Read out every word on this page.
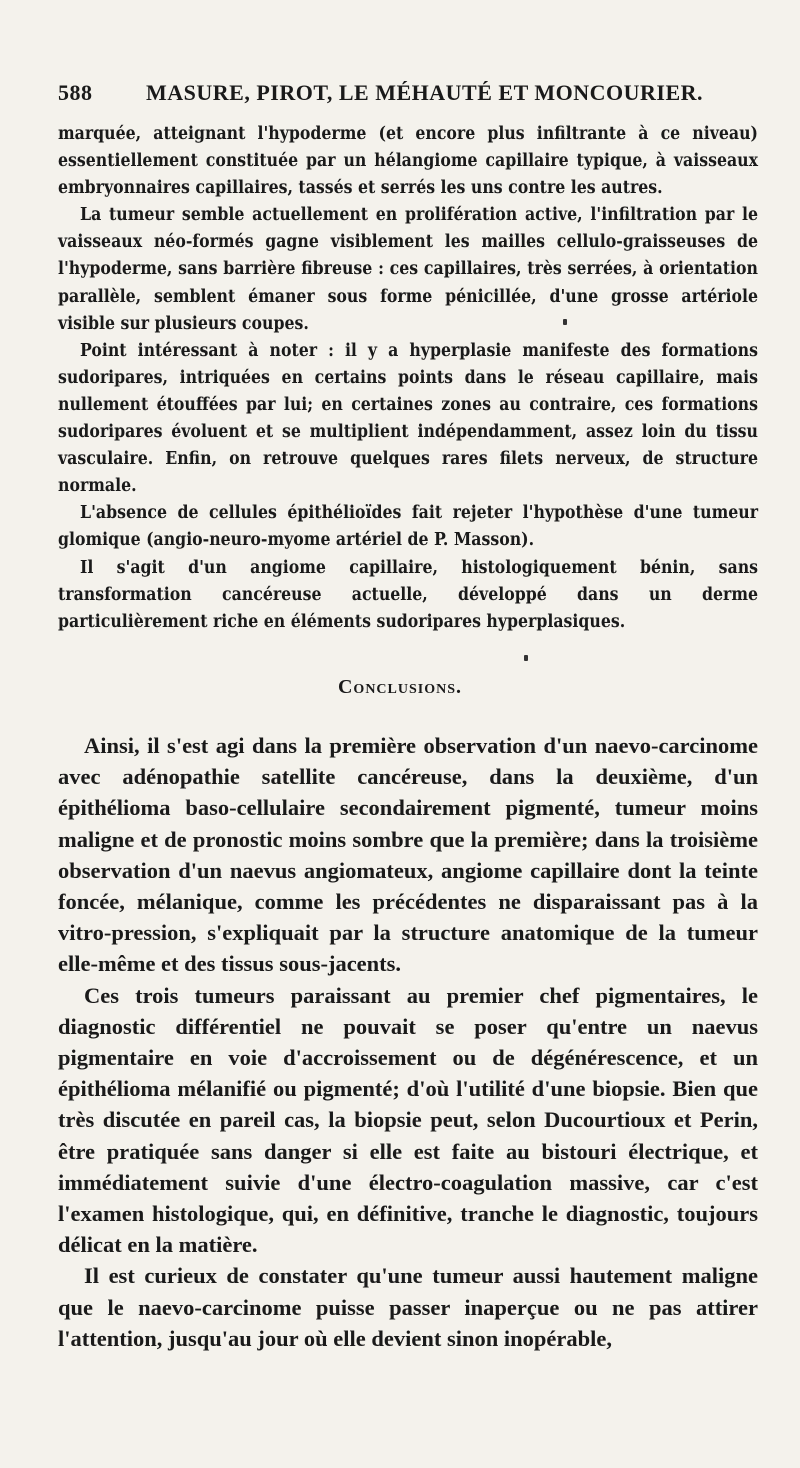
588 MASURE, PIROT, LE MÉHAUTÉ ET MONCOURIER.

marquée, atteignant l'hypoderme (et encore plus infiltrante à ce niveau) essentiellement constituée par un hélangiome capillaire typique, à vaisseaux embryonnaires capillaires, tassés et serrés les uns contre les autres.

La tumeur semble actuellement en prolifération active, l'infiltration par le vaisseaux néo-formés gagne visiblement les mailles cellulo-graisseuses de l'hypoderme, sans barrière fibreuse : ces capillaires, très serrées, à orientation parallèle, semblent émaner sous forme pénicillée, d'une grosse artériole visible sur plusieurs coupes.

Point intéressant à noter : il y a hyperplasie manifeste des formations sudoripares, intriquées en certains points dans le réseau capillaire, mais nullement étouffées par lui; en certaines zones au contraire, ces formations sudoripares évoluent et se multiplient indépendamment, assez loin du tissu vasculaire. Enfin, on retrouve quelques rares filets nerveux, de structure normale.

L'absence de cellules épithélioïdes fait rejeter l'hypothèse d'une tumeur glomique (angio-neuro-myome artériel de P. Masson).

Il s'agit d'un angiome capillaire, histologiquement bénin, sans transformation cancéreuse actuelle, développé dans un derme particulièrement riche en éléments sudoripares hyperplasiques.

Conclusions.

Ainsi, il s'est agi dans la première observation d'un naevo-carcinome avec adénopathie satellite cancéreuse, dans la deuxième, d'un épithélioma baso-cellulaire secondairement pigmenté, tumeur moins maligne et de pronostic moins sombre que la première; dans la troisième observation d'un naevus angiomateux, angiome capillaire dont la teinte foncée, mélanique, comme les précédentes ne disparaissant pas à la vitro-pression, s'expliquait par la structure anatomique de la tumeur elle-même et des tissus sous-jacents.

Ces trois tumeurs paraissant au premier chef pigmentaires, le diagnostic différentiel ne pouvait se poser qu'entre un naevus pigmentaire en voie d'accroissement ou de dégénérescence, et un épithélioma mélanifié ou pigmenté; d'où l'utilité d'une biopsie. Bien que très discutée en pareil cas, la biopsie peut, selon Ducourtioux et Perin, être pratiquée sans danger si elle est faite au bistouri électrique, et immédiatement suivie d'une électro-coagulation massive, car c'est l'examen histologique, qui, en définitive, tranche le diagnostic, toujours délicat en la matière.

Il est curieux de constater qu'une tumeur aussi hautement maligne que le naevo-carcinome puisse passer inaperçue ou ne pas attirer l'attention, jusqu'au jour où elle devient sinon inopérable,
